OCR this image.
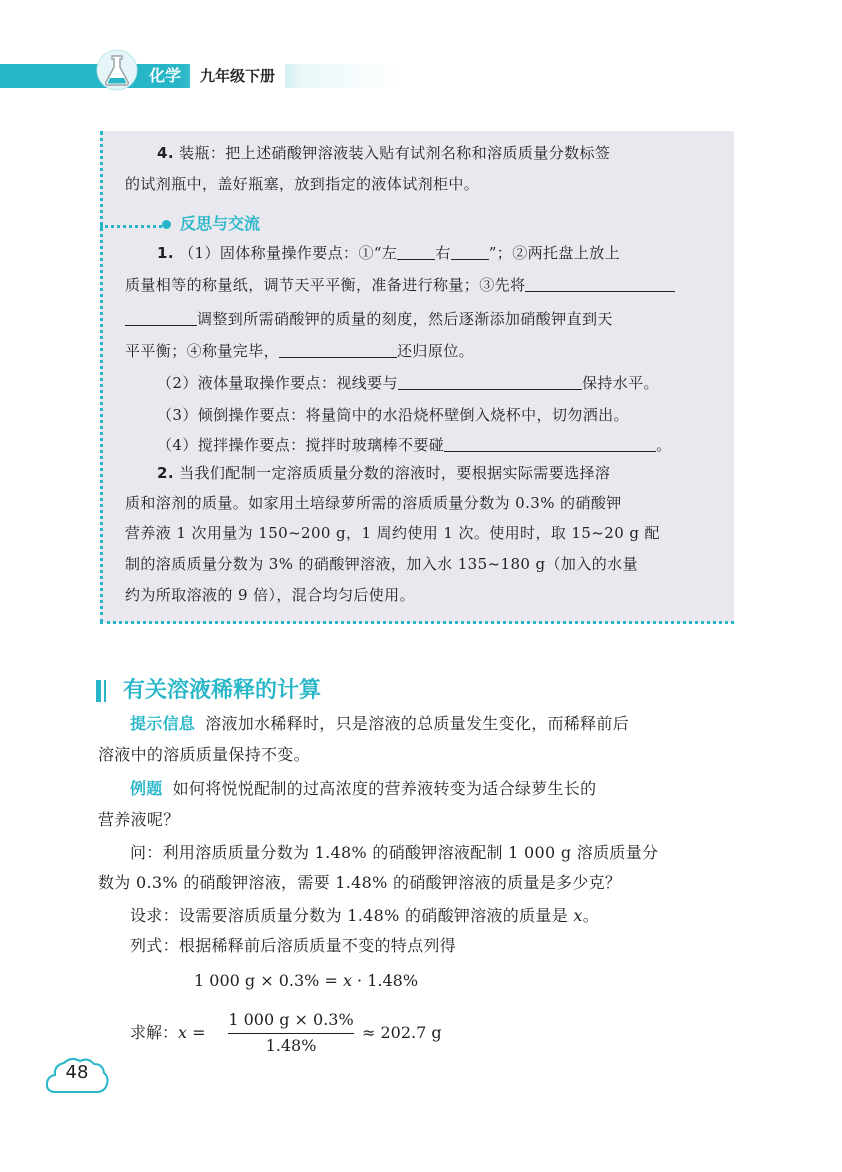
化学	九年级下册
4. 装瓶：把上述硝酸钾溶液装入贴有试剂名称和溶质质量分数标签
的试剂瓶中，盖好瓶塞，放到指定的液体试剂柜中。
反思与交流
1. （1）固体称量操作要点：①“左	右	”；②两托盘上放上
质量相等的称量纸，调节天平平衡，准备进行称量；③先将
调整到所需硝酸钾的质量的刻度，然后逐渐添加硝酸钾直到天
平平衡；④称量完毕，	还归原位。
（2）液体量取操作要点：视线要与	保持水平。
（3）倾倒操作要点：将量筒中的水沿烧杯壁倒入烧杯中，切勿洒出。
（4）搅拌操作要点：搅拌时玻璃棒不要碰	。
2. 当我们配制一定溶质质量分数的溶液时，要根据实际需要选择溶
质和溶剂的质量。如家用土培绿萝所需的溶质质量分数为 0.3% 的硝酸钾
营养液 1 次用量为 150~200 g，1 周约使用 1 次。使用时，取 15~20 g 配
制的溶质质量分数为 3% 的硝酸钾溶液，加入水 135~180 g（加入的水量
约为所取溶液的 9 倍），混合均匀后使用。
有关溶液稀释的计算
提示信息 溶液加水稀释时，只是溶液的总质量发生变化，而稀释前后
溶液中的溶质质量保持不变。
例题 如何将悦悦配制的过高浓度的营养液转变为适合绿萝生长的
营养液呢？
问：利用溶质质量分数为 1.48% 的硝酸钾溶液配制 1 000 g 溶质质量分
数为 0.3% 的硝酸钾溶液，需要 1.48% 的硝酸钾溶液的质量是多少克？
设求：设需要溶质质量分数为 1.48% 的硝酸钾溶液的质量是 x。
列式：根据稀释前后溶质质量不变的特点列得
1 000 g × 0.3% = x · 1.48%
求解：$x = \frac{1 000 g \times 0.3\%}{1.48\%} \approx 202.7$ g
48
